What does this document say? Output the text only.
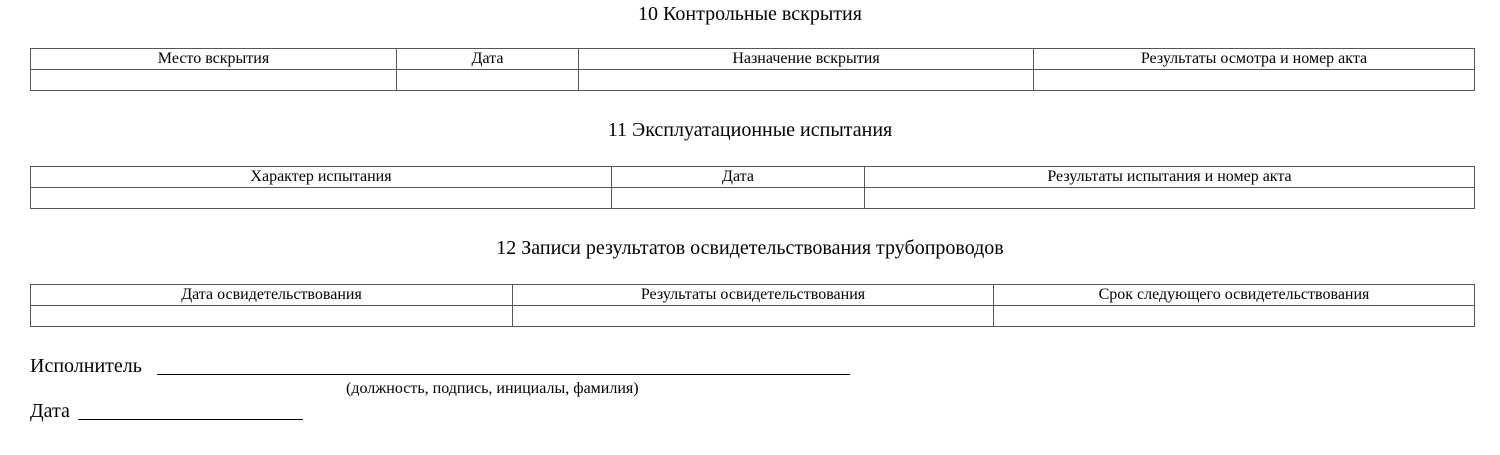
10 Контрольные вскрытия
Место вскрытия	Дата	Назначение вскрытия	Результаты осмотра и номер акта

11 Эксплуатационные испытания
Характер испытания	Дата	Результаты испытания и номер акта

12 Записи результатов освидетельствования трубопроводов
Дата освидетельствования	Результаты освидетельствования	Срок следующего освидетельствования

Исполнитель
(должность, подпись, инициалы, фамилия)
Дата
